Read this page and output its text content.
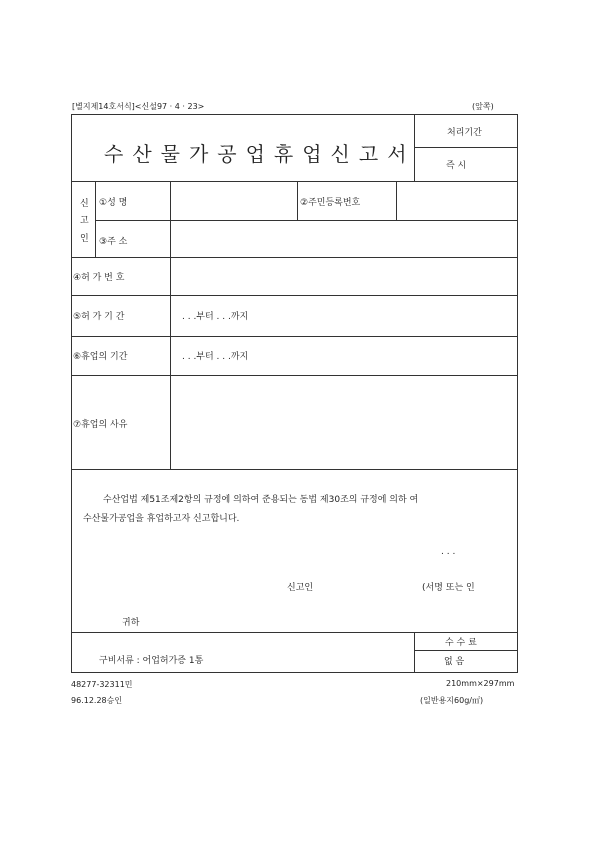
[별지제14호서식]<신설97 · 4 · 23>	(앞쪽)
수산물가공업휴업신고서
처리기간
즉 시
신
고
인
①성 명	②주민등록번호
③주 소
④허 가 번 호
⑤허 가 기 간	. . .부터 . . .까지
⑥휴업의 기간	. . .부터 . . .까지
⑦휴업의 사유
수산업법 제51조제2항의 규정에 의하여 준용되는 동법 제30조의 규정에 의하 여
수산물가공업을 휴업하고자 신고합니다.
. . .
신고인	(서명 또는 인
귀하
구비서류 : 어업허가증 1통
수 수 료
없 음
48277-32311민
96.12.28승인
210mm×297mm
(일반용지60g/㎡)
